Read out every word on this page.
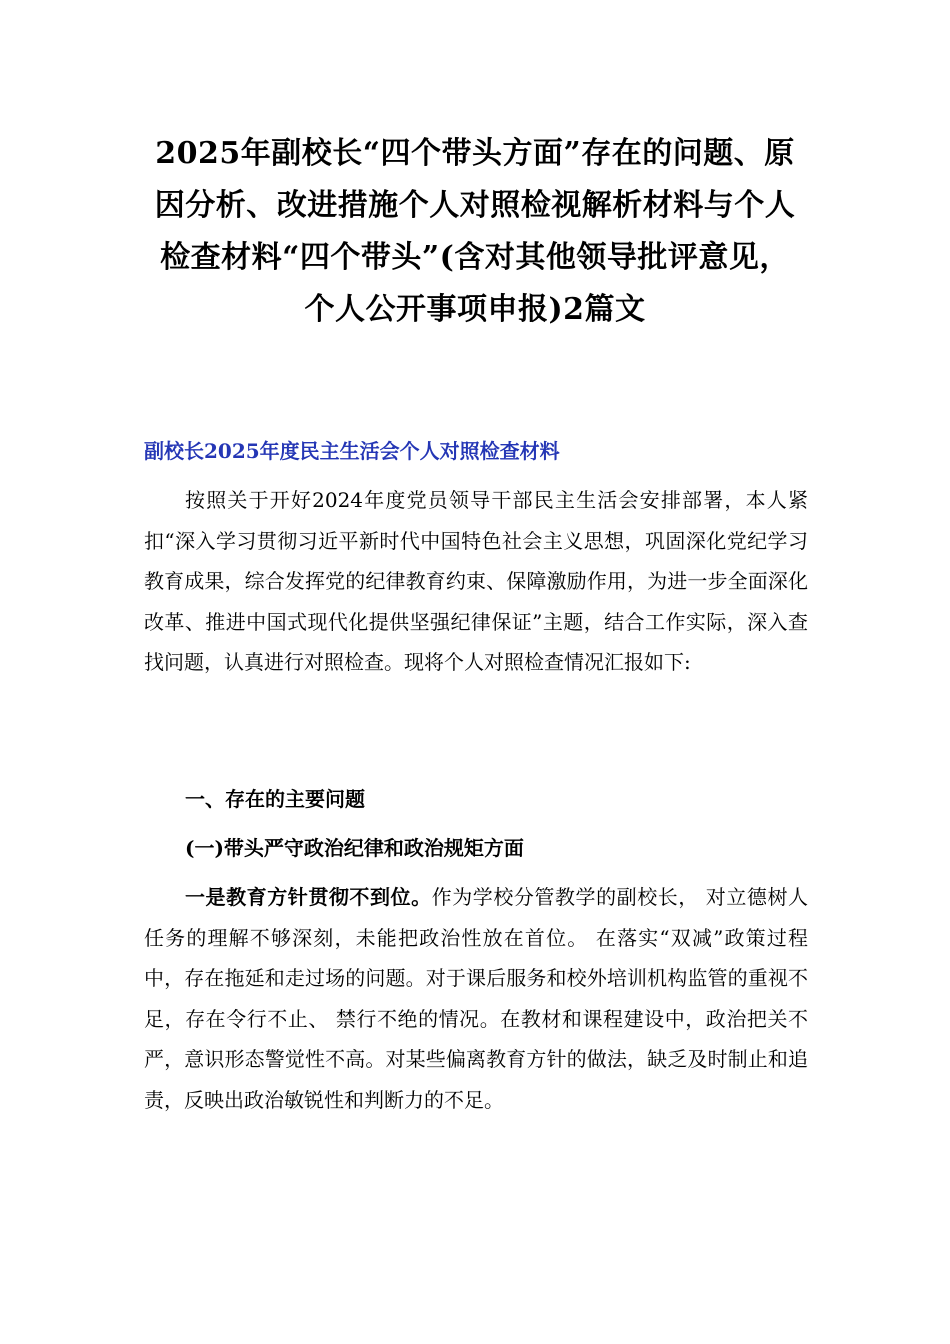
2025年副校长“四个带头方面”存在的问题、原因分析、改进措施个人对照检视解析材料与个人检查材料“四个带头”(含对其他领导批评意见，个人公开事项申报)2篇文
副校长2025年度民主生活会个人对照检查材料

按照关于开好2024年度党员领导干部民主生活会安排部署，本人紧扣“深入学习贯彻习近平新时代中国特色社会主义思想，巩固深化党纪学习教育成果，综合发挥党的纪律教育约束、保障激励作用，为进一步全面深化改革、推进中国式现代化提供坚强纪律保证”主题，结合工作实际，深入查找问题，认真进行对照检查。现将个人对照检查情况汇报如下:

一、存在的主要问题
(一)带头严守政治纪律和政治规矩方面

一是教育方针贯彻不到位。作为学校分管教学的副校长， 对立德树人任务的理解不够深刻，未能把政治性放在首位。 在落实“双减”政策过程中，存在拖延和走过场的问题。对于课后服务和校外培训机构监管的重视不足，存在令行不止、 禁行不绝的情况。在教材和课程建设中，政治把关不严，意识形态警觉性不高。对某些偏离教育方针的做法，缺乏及时制止和追责，反映出政治敏锐性和判断力的不足。
